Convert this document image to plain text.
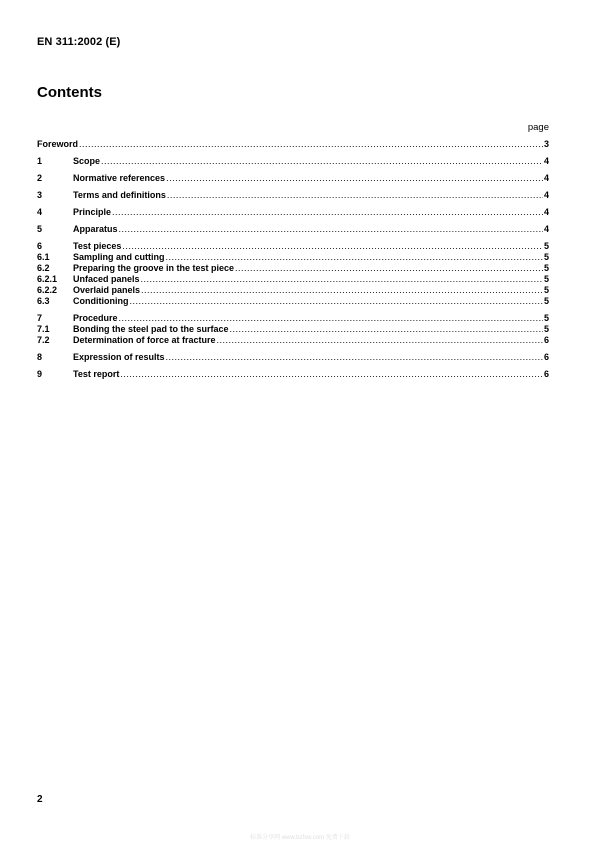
EN 311:2002 (E)
Contents
page
Foreword .....	3
1	Scope .....	4
2	Normative references .....	4
3	Terms and definitions .....	4
4	Principle .....	4
5	Apparatus .....	4
6	Test pieces .....	5
6.1	Sampling and cutting .....	5
6.2	Preparing the groove in the test piece .....	5
6.2.1	Unfaced panels .....	5
6.2.2	Overlaid panels .....	5
6.3	Conditioning .....	5
7	Procedure .....	5
7.1	Bonding the steel pad to the surface .....	5
7.2	Determination of force at fracture .....	6
8	Expression of results .....	6
9	Test report .....	6
2
标准分享网 www.bzfxw.com 免费下载
